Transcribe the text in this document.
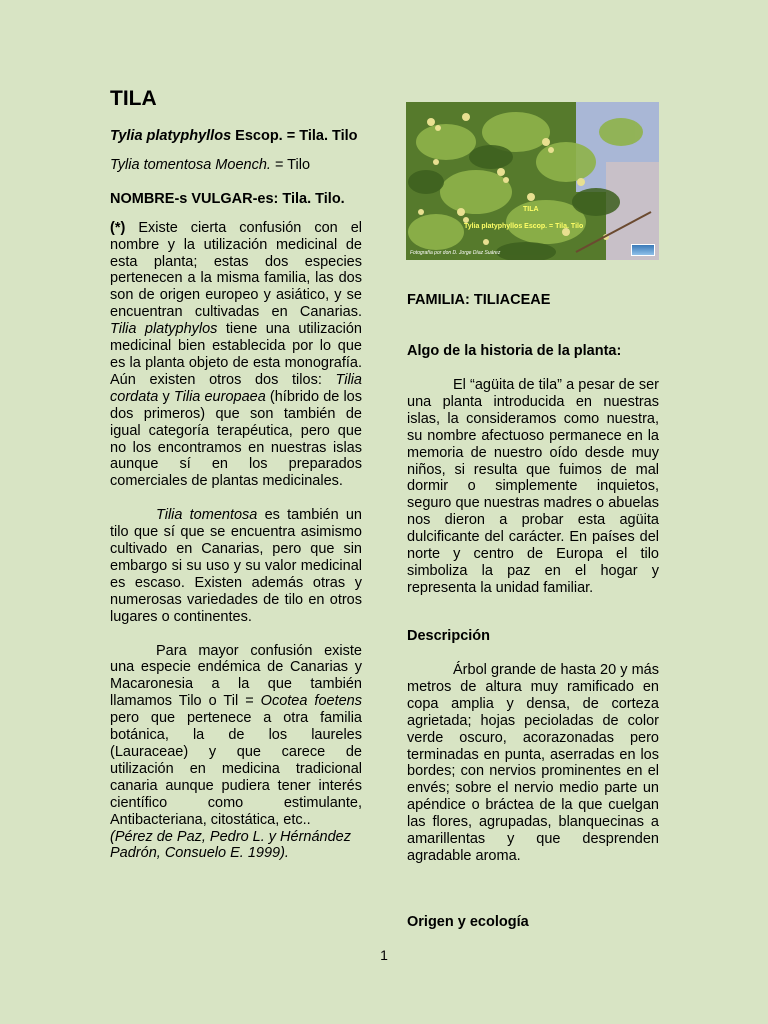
TILA

Tylia platyphyllos Escop. = Tila. Tilo

Tylia tomentosa Moench. = Tilo

NOMBRE-s VULGAR-es: Tila. Tilo.

(*) Existe cierta confusión con el nombre y la utilización medicinal de esta planta; estas dos especies pertenecen a la misma familia, las dos son de origen europeo y asiático, y se encuentran cultivadas en Canarias. Tilia platyphylos tiene una utilización medicinal bien establecida por lo que es la planta objeto de esta monografía. Aún existen otros dos tilos: Tilia cordata y Tilia europaea (híbrido de los dos primeros) que son también de igual categoría terapéutica, pero que no los encontramos en nuestras islas aunque sí en los preparados comerciales de plantas medicinales.

Tilia tomentosa es también un tilo que sí que se encuentra asimismo cultivado en Canarias, pero que sin embargo si su uso y su valor medicinal es escaso. Existen además otras y numerosas variedades de tilo en otros lugares o continentes.

Para mayor confusión existe una especie endémica de Canarias y Macaronesia a la que también llamamos Tilo o Til = Ocotea foetens pero que pertenece a otra familia botánica, la de los laureles (Lauraceae) y que carece de utilización en medicina tradicional canaria aunque pudiera tener interés científico como estimulante, Antibacteriana, citostática, etc..

(Pérez de Paz, Pedro L. y Hérnández Padrón, Consuelo E. 1999).

TILA
Tylia platyphyllos Escop. = Tila. Tilo
Fotografía por don D. Jorge Díaz Suárez
FAMILIA: TILIACEAE
Algo de la historia de la planta:
El “agüita de tila” a pesar de ser una planta introducida en nuestras islas, la consideramos como nuestra, su nombre afectuoso permanece en la memoria de nuestro oído desde muy niños, si resulta que fuimos de mal dormir o simplemente inquietos, seguro que nuestras madres o abuelas nos dieron a probar esta agüita dulcificante del carácter. En países del norte y centro de Europa el tilo simboliza la paz en el hogar y representa la unidad familiar.
Descripción
Árbol grande de hasta 20 y más metros de altura muy ramificado en copa amplia y densa, de corteza agrietada; hojas pecioladas de color verde oscuro, acorazonadas pero terminadas en punta, aserradas en los bordes; con nervios prominentes en el envés; sobre el nervio medio parte un apéndice o bráctea de la que cuelgan las flores, agrupadas, blanquecinas a amarillentas y que desprenden agradable aroma.
Origen y ecología
1
